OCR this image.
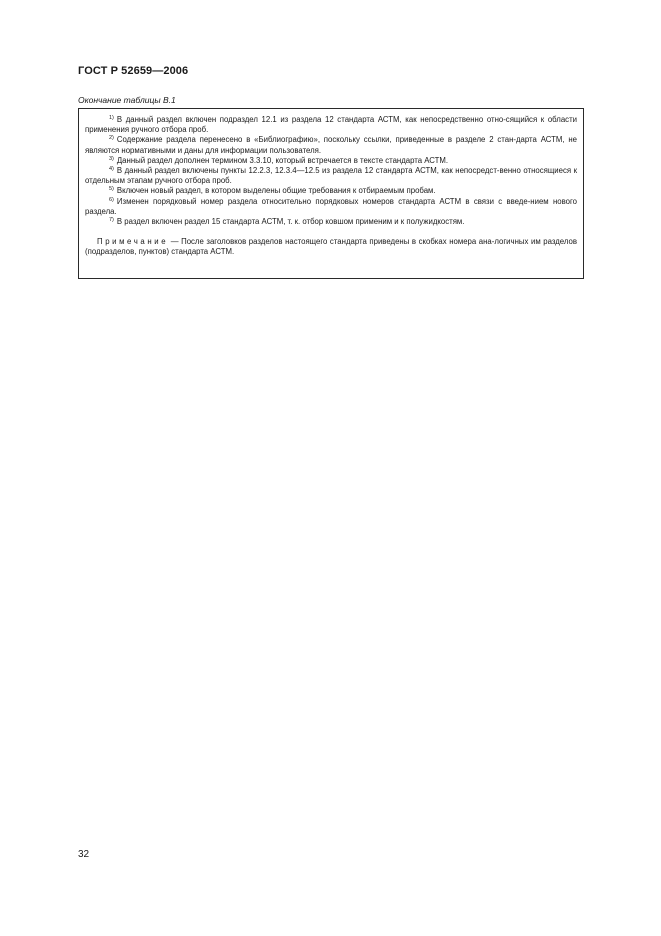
ГОСТ Р 52659—2006
Окончание таблицы В.1

$^{1)}$ В данный раздел включен подраздел 12.1 из раздела 12 стандарта АСТМ, как непосредственно отно-сящийся к области применения ручного отбора проб.

$^{2)}$ Содержание раздела перенесено в «Библиографию», поскольку ссылки, приведенные в разделе 2 стан-дарта АСТМ, не являются нормативными и даны для информации пользователя.

$^{3)}$ Данный раздел дополнен термином 3.3.10, который встречается в тексте стандарта АСТМ.

$^{4)}$ В данный раздел включены пункты 12.2.3, 12.3.4—12.5 из раздела 12 стандарта АСТМ, как непосредст-венно относящиеся к отдельным этапам ручного отбора проб.

$^{5)}$ Включен новый раздел, в котором выделены общие требования к отбираемым пробам.

$^{6)}$ Изменен порядковый номер раздела относительно порядковых номеров стандарта АСТМ в связи с введе-нием нового раздела.

$^{7)}$ В раздел включен раздел 15 стандарта АСТМ, т. к. отбор ковшом применим и к полужидкостям.

Примечание — После заголовков разделов настоящего стандарта приведены в скобках номера ана-логичных им разделов (подразделов, пунктов) стандарта АСТМ.

32
